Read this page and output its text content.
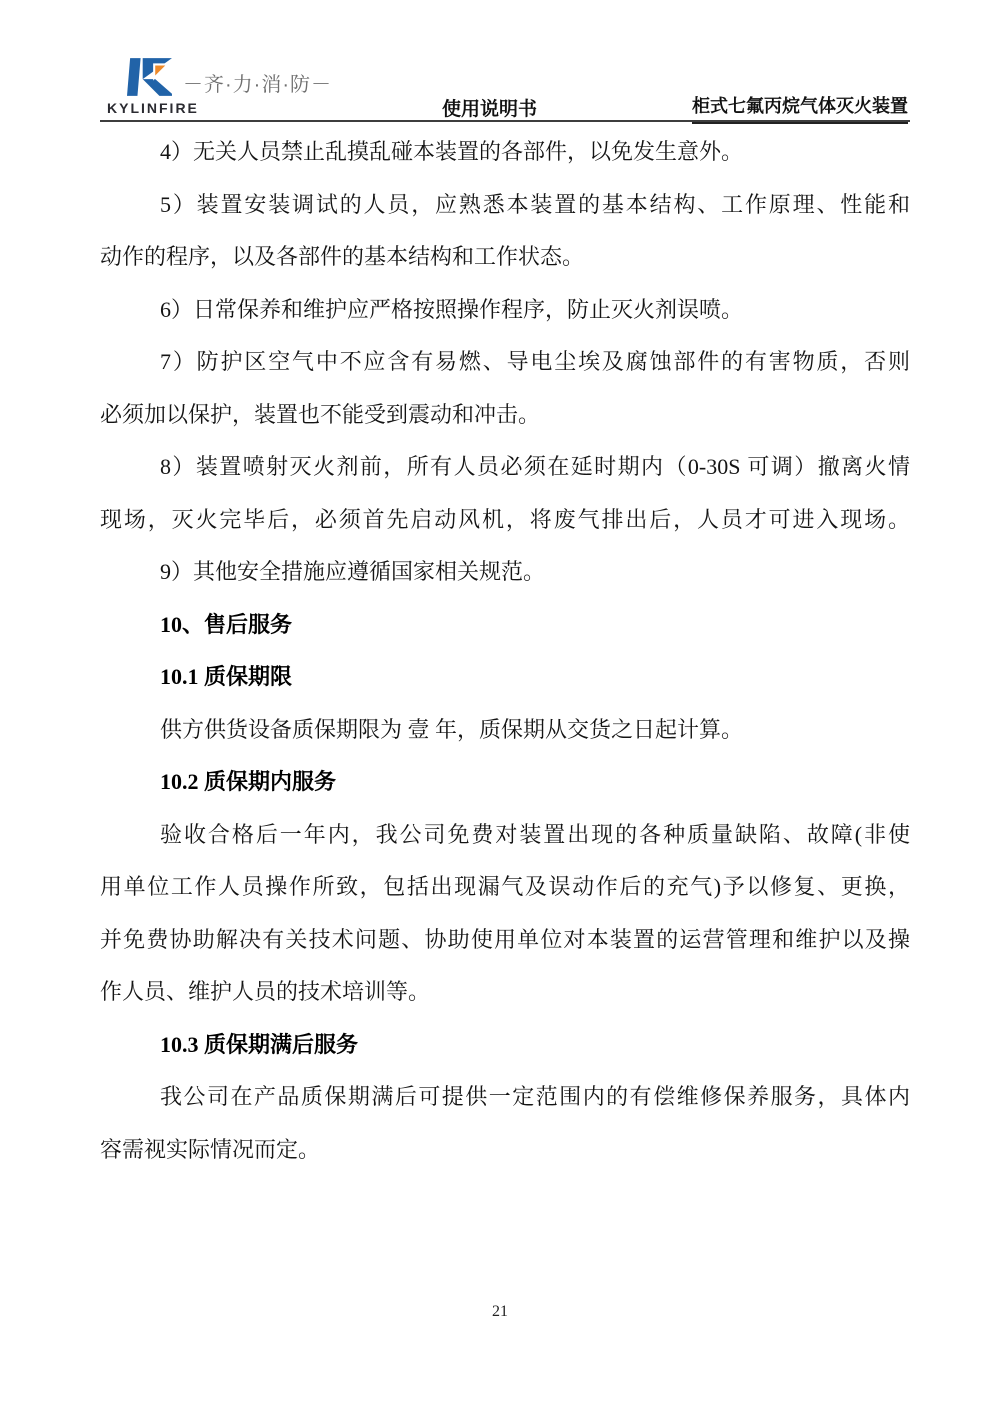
KYLINFIRE
－齐·力·消·防－
使用说明书	柜式七氟丙烷气体灭火装置
4）无关人员禁止乱摸乱碰本装置的各部件，以免发生意外。
5）装置安装调试的人员，应熟悉本装置的基本结构、工作原理、性能和
动作的程序，以及各部件的基本结构和工作状态。
6）日常保养和维护应严格按照操作程序，防止灭火剂误喷。
7）防护区空气中不应含有易燃、导电尘埃及腐蚀部件的有害物质，否则
必须加以保护，装置也不能受到震动和冲击。
8）装置喷射灭火剂前，所有人员必须在延时期内（0-30S 可调）撤离火情
现场，灭火完毕后，必须首先启动风机，将废气排出后，人员才可进入现场。
9）其他安全措施应遵循国家相关规范。
10、售后服务
10.1 质保期限
供方供货设备质保期限为 壹 年，质保期从交货之日起计算。
10.2 质保期内服务
验收合格后一年内，我公司免费对装置出现的各种质量缺陷、故障(非使
用单位工作人员操作所致，包括出现漏气及误动作后的充气)予以修复、更换，
并免费协助解决有关技术问题、协助使用单位对本装置的运营管理和维护以及操
作人员、维护人员的技术培训等。
10.3 质保期满后服务
我公司在产品质保期满后可提供一定范围内的有偿维修保养服务，具体内
容需视实际情况而定。
21
